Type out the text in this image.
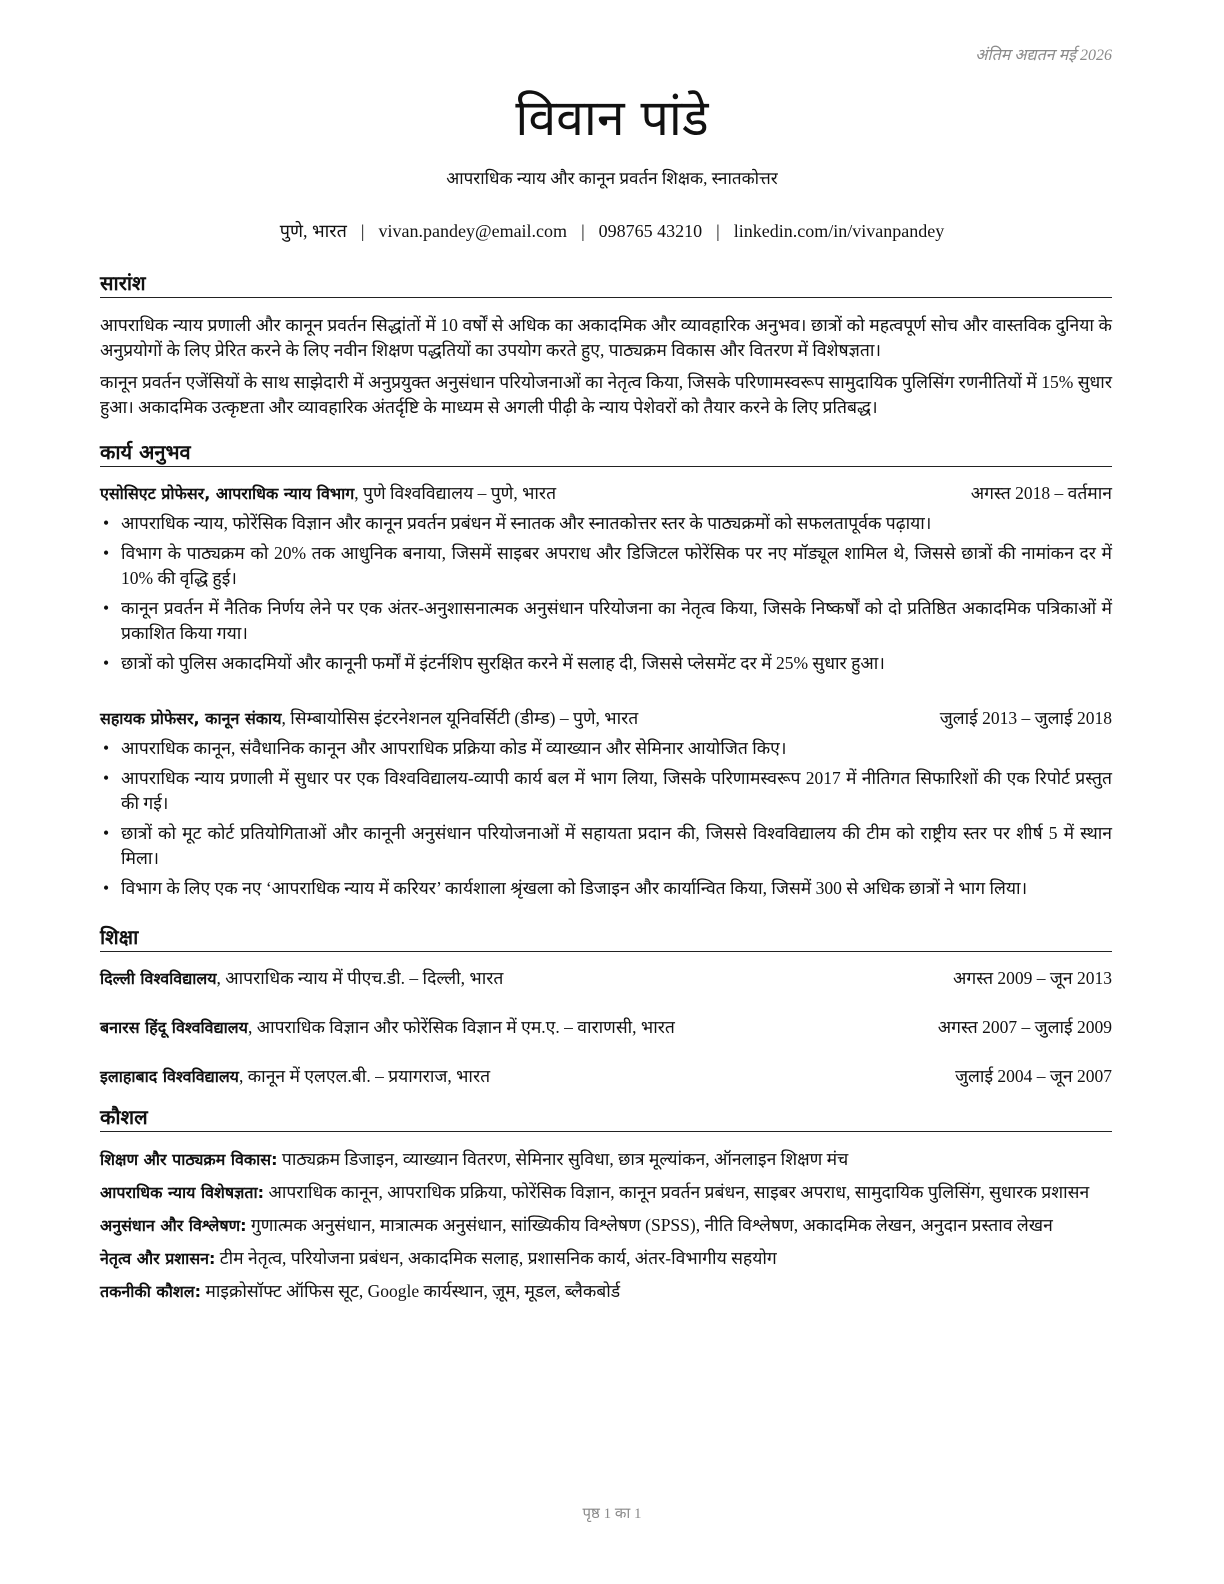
अंतिम अद्यतन मई 2026
विवान पांडे
आपराधिक न्याय और कानून प्रवर्तन शिक्षक, स्नातकोत्तर
पुणे, भारत | vivan.pandey@email.com | 098765 43210 | linkedin.com/in/vivanpandey
सारांश

आपराधिक न्याय प्रणाली और कानून प्रवर्तन सिद्धांतों में 10 वर्षों से अधिक का अकादमिक और व्यावहारिक अनुभव। छात्रों को महत्वपूर्ण सोच और वास्तविक दुनिया के अनुप्रयोगों के लिए प्रेरित करने के लिए नवीन शिक्षण पद्धतियों का उपयोग करते हुए, पाठ्यक्रम विकास और वितरण में विशेषज्ञता।

कानून प्रवर्तन एजेंसियों के साथ साझेदारी में अनुप्रयुक्त अनुसंधान परियोजनाओं का नेतृत्व किया, जिसके परिणामस्वरूप सामुदायिक पुलिसिंग रणनीतियों में 15% सुधार हुआ। अकादमिक उत्कृष्टता और व्यावहारिक अंतर्दृष्टि के माध्यम से अगली पीढ़ी के न्याय पेशेवरों को तैयार करने के लिए प्रतिबद्ध।

कार्य अनुभव
एसोसिएट प्रोफेसर, आपराधिक न्याय विभाग, पुणे विश्वविद्यालय – पुणे, भारत	अगस्त 2018 – वर्तमान
• आपराधिक न्याय, फोरेंसिक विज्ञान और कानून प्रवर्तन प्रबंधन में स्नातक और स्नातकोत्तर स्तर के पाठ्यक्रमों को सफलतापूर्वक पढ़ाया।
• विभाग के पाठ्यक्रम को 20% तक आधुनिक बनाया, जिसमें साइबर अपराध और डिजिटल फोरेंसिक पर नए मॉड्यूल शामिल थे, जिससे छात्रों की नामांकन दर में 10% की वृद्धि हुई।
• कानून प्रवर्तन में नैतिक निर्णय लेने पर एक अंतर-अनुशासनात्मक अनुसंधान परियोजना का नेतृत्व किया, जिसके निष्कर्षों को दो प्रतिष्ठित अकादमिक पत्रिकाओं में प्रकाशित किया गया।
• छात्रों को पुलिस अकादमियों और कानूनी फर्मों में इंटर्नशिप सुरक्षित करने में सलाह दी, जिससे प्लेसमेंट दर में 25% सुधार हुआ।
सहायक प्रोफेसर, कानून संकाय, सिम्बायोसिस इंटरनेशनल यूनिवर्सिटी (डीम्ड) – पुणे, भारत	जुलाई 2013 – जुलाई 2018
• आपराधिक कानून, संवैधानिक कानून और आपराधिक प्रक्रिया कोड में व्याख्यान और सेमिनार आयोजित किए।
• आपराधिक न्याय प्रणाली में सुधार पर एक विश्वविद्यालय-व्यापी कार्य बल में भाग लिया, जिसके परिणामस्वरूप 2017 में नीतिगत सिफारिशों की एक रिपोर्ट प्रस्तुत की गई।
• छात्रों को मूट कोर्ट प्रतियोगिताओं और कानूनी अनुसंधान परियोजनाओं में सहायता प्रदान की, जिससे विश्वविद्यालय की टीम को राष्ट्रीय स्तर पर शीर्ष 5 में स्थान मिला।
• विभाग के लिए एक नए ‘आपराधिक न्याय में करियर’ कार्यशाला श्रृंखला को डिजाइन और कार्यान्वित किया, जिसमें 300 से अधिक छात्रों ने भाग लिया।
शिक्षा
दिल्ली विश्वविद्यालय, आपराधिक न्याय में पीएच.डी. – दिल्ली, भारत	अगस्त 2009 – जून 2013
बनारस हिंदू विश्वविद्यालय, आपराधिक विज्ञान और फोरेंसिक विज्ञान में एम.ए. – वाराणसी, भारत	अगस्त 2007 – जुलाई 2009
इलाहाबाद विश्वविद्यालय, कानून में एलएल.बी. – प्रयागराज, भारत	जुलाई 2004 – जून 2007
कौशल
शिक्षण और पाठ्यक्रम विकास: पाठ्यक्रम डिजाइन, व्याख्यान वितरण, सेमिनार सुविधा, छात्र मूल्यांकन, ऑनलाइन शिक्षण मंच
आपराधिक न्याय विशेषज्ञता: आपराधिक कानून, आपराधिक प्रक्रिया, फोरेंसिक विज्ञान, कानून प्रवर्तन प्रबंधन, साइबर अपराध, सामुदायिक पुलिसिंग, सुधारक प्रशासन
अनुसंधान और विश्लेषण: गुणात्मक अनुसंधान, मात्रात्मक अनुसंधान, सांख्यिकीय विश्लेषण (SPSS), नीति विश्लेषण, अकादमिक लेखन, अनुदान प्रस्ताव लेखन
नेतृत्व और प्रशासन: टीम नेतृत्व, परियोजना प्रबंधन, अकादमिक सलाह, प्रशासनिक कार्य, अंतर-विभागीय सहयोग
तकनीकी कौशल: माइक्रोसॉफ्ट ऑफिस सूट, Google कार्यस्थान, ज़ूम, मूडल, ब्लैकबोर्ड
पृष्ठ 1 का 1
